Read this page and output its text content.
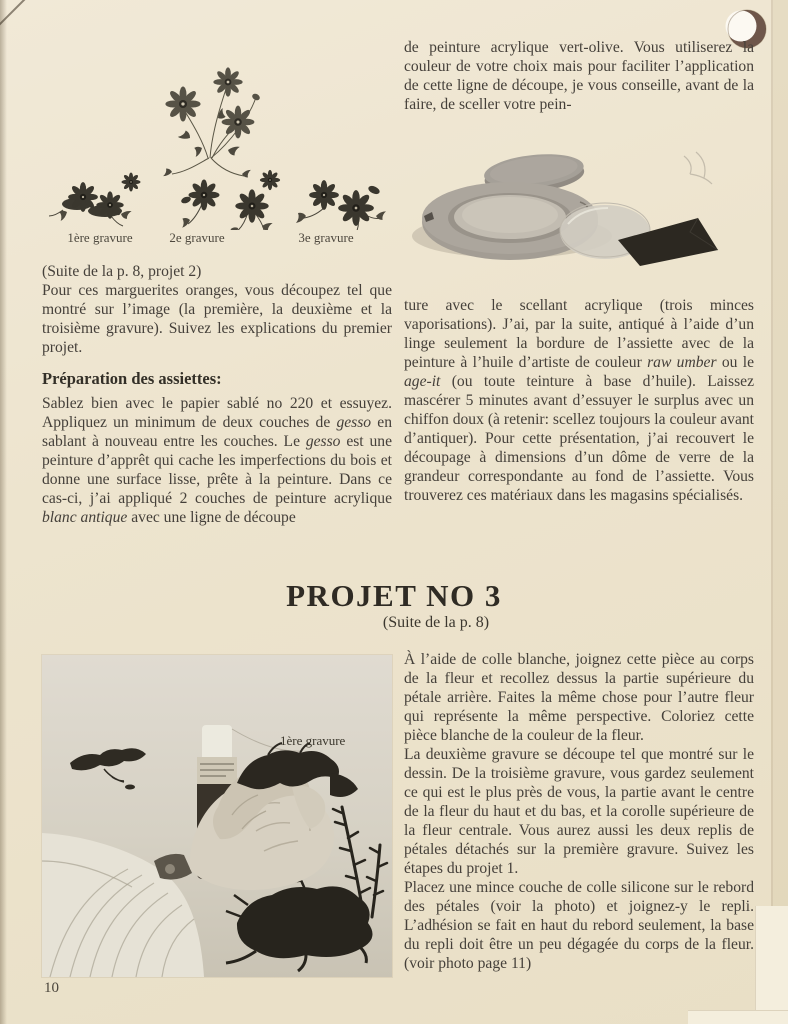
de peinture acrylique vert-olive. Vous utiliserez la couleur de votre choix mais pour faciliter l’application de cette ligne de découpe, je vous conseille, avant de la faire, de sceller votre pein-

1ère gravure	2e gravure	3e gravure

(Suite de la p. 8, projet 2)

Pour ces marguerites oranges, vous découpez tel que montré sur l’image (la première, la deuxième et la troisième gravure). Suivez les explications du premier projet.

Préparation des assiettes:

Sablez bien avec le papier sablé no 220 et essuyez. Appliquez un minimum de deux couches de gesso en sablant à nouveau entre les couches. Le gesso est une peinture d’apprêt qui cache les imperfections du bois et donne une surface lisse, prête à la peinture. Dans ce cas-ci, j’ai appliqué 2 couches de peinture acrylique blanc antique avec une ligne de découpe

ture avec le scellant acrylique (trois minces vaporisations). J’ai, par la suite, antiqué à l’aide d’un linge seulement la bordure de l’assiette avec de la peinture à l’huile d’artiste de couleur raw umber ou le age-it (ou toute teinture à base d’huile). Laissez mascérer 5 minutes avant d’essuyer le surplus avec un chiffon doux (à retenir: scellez toujours la couleur avant d’antiquer). Pour cette présentation, j’ai recouvert le découpage à dimensions d’un dôme de verre de la grandeur correspondante au fond de l’assiette. Vous trouverez ces matériaux dans les magasins spécialisés.

PROJET NO 3
(Suite de la p. 8)
1ère gravure

À l’aide de colle blanche, joignez cette pièce au corps de la fleur et recollez dessus la partie supérieure du pétale arrière. Faites la même chose pour l’autre fleur qui représente la même perspective. Coloriez cette pièce blanche de la couleur de la fleur.

La deuxième gravure se découpe tel que montré sur le dessin. De la troisième gravure, vous gardez seulement ce qui est le plus près de vous, la partie avant le centre de la fleur du haut et du bas, et la corolle supérieure de la fleur centrale. Vous aurez aussi les deux replis de pétales détachés sur la première gravure. Suivez les étapes du projet 1.

Placez une mince couche de colle silicone sur le rebord des pétales (voir la photo) et joignez-y le repli. L’adhésion se fait en haut du rebord seulement, la base du repli doit être un peu dégagée du corps de la fleur. (voir photo page 11)

10
